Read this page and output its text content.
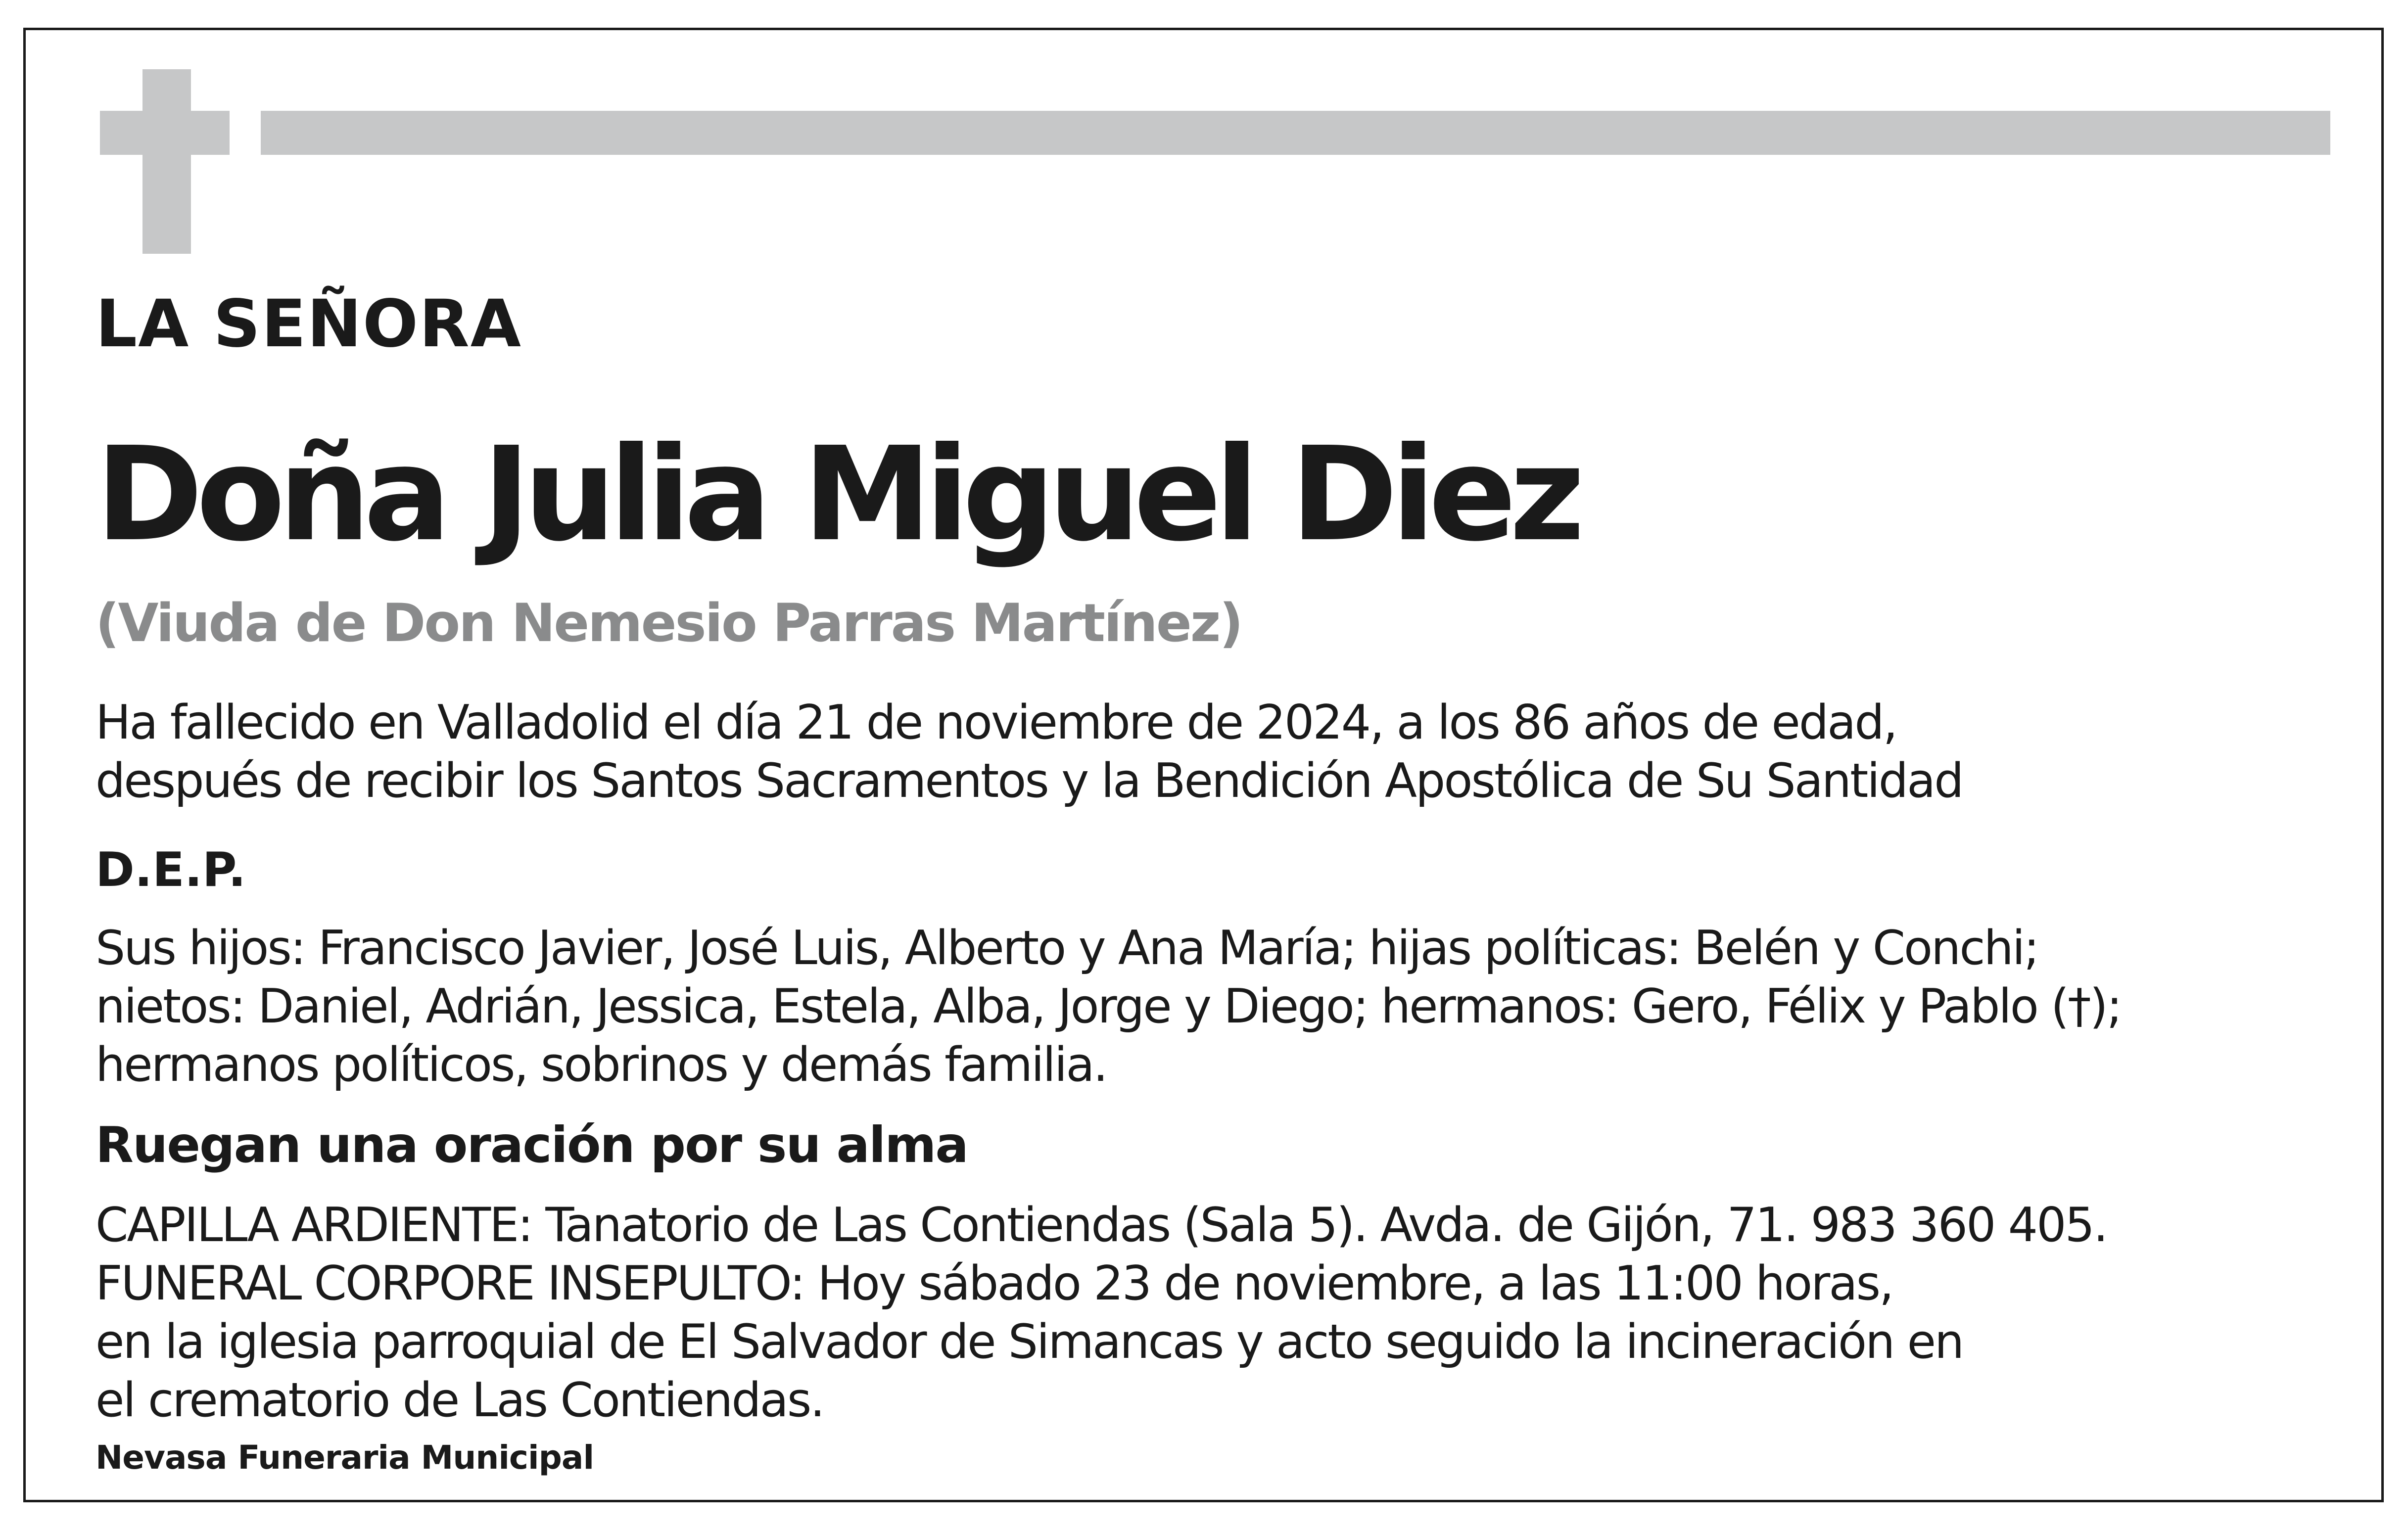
LA SEÑORA
Doña Julia Miguel Diez

(Viuda de Don Nemesio Parras Martínez)

Ha fallecido en Valladolid el día 21 de noviembre de 2024, a los 86 años de edad,
después de recibir los Santos Sacramentos y la Bendición Apostólica de Su Santidad

D.E.P.

Sus hijos: Francisco Javier, José Luis, Alberto y Ana María; hijas políticas: Belén y Conchi;
nietos: Daniel, Adrián, Jessica, Estela, Alba, Jorge y Diego; hermanos: Gero, Félix y Pablo (†);
hermanos políticos, sobrinos y demás familia.

Ruegan una oración por su alma

CAPILLA ARDIENTE: Tanatorio de Las Contiendas (Sala 5). Avda. de Gijón, 71. 983 360 405.
FUNERAL CORPORE INSEPULTO: Hoy sábado 23 de noviembre, a las 11:00 horas,
en la iglesia parroquial de El Salvador de Simancas y acto seguido la incineración en
el crematorio de Las Contiendas.

Nevasa Funeraria Municipal
